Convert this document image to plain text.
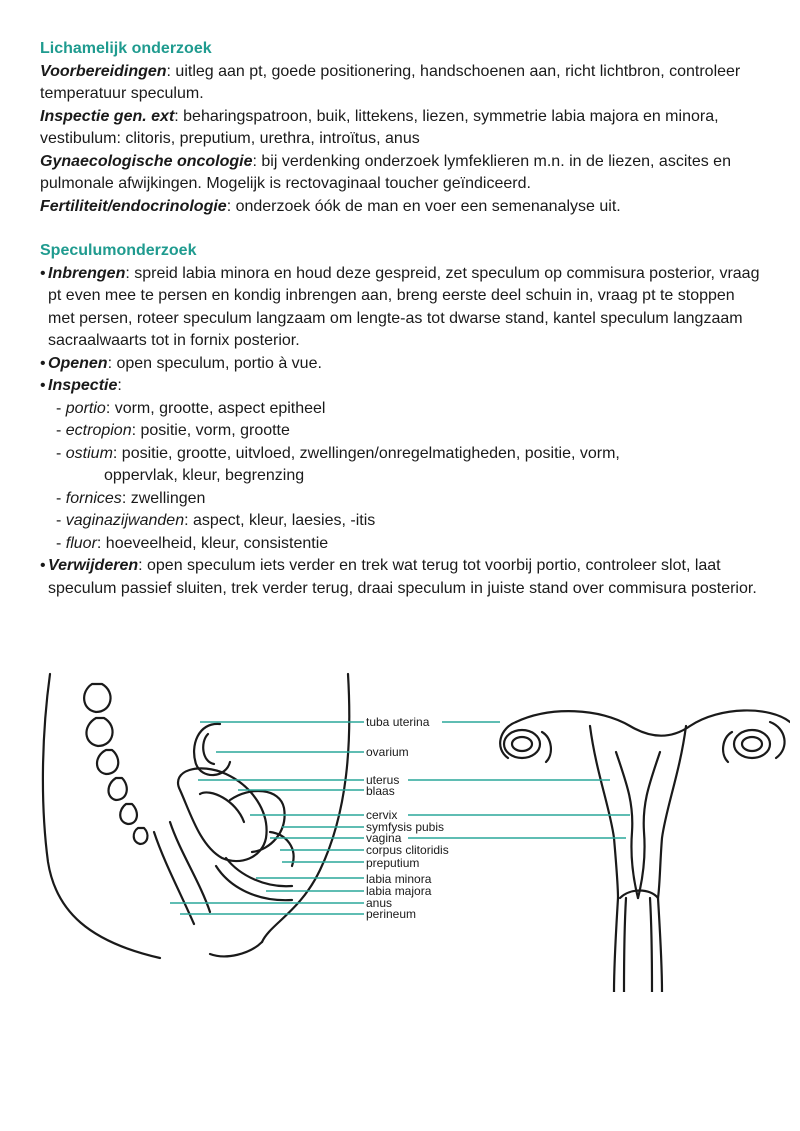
Lichamelijk onderzoek

Voorbereidingen: uitleg aan pt, goede positionering, handschoenen aan, richt lichtbron, controleer temperatuur speculum.

Inspectie gen. ext: beharingspatroon, buik, littekens, liezen, symmetrie labia majora en minora, vestibulum: clitoris, preputium, urethra, introïtus, anus

Gynaecologische oncologie: bij verdenking onderzoek lymfeklieren m.n. in de liezen, ascites en pulmonale afwijkingen. Mogelijk is rectovaginaal toucher geïndiceerd.

Fertiliteit/endocrinologie: onderzoek óók de man en voer een semenanalyse uit.

Speculumonderzoek

• Inbrengen: spreid labia minora en houd deze gespreid, zet speculum op commisura posterior, vraag pt even mee te persen en kondig inbrengen aan, breng eerste deel schuin in, vraag pt te stoppen met persen, roteer speculum langzaam om lengte-as tot dwarse stand, kantel speculum langzaam sacraalwaarts tot in fornix posterior.

• Openen: open speculum, portio à vue.

• Inspectie:

- portio: vorm, grootte, aspect epitheel

- ectropion: positie, vorm, grootte

- ostium: positie, grootte, uitvloed, zwellingen/onregelmatigheden, positie, vorm,
oppervlak, kleur, begrenzing

- fornices: zwellingen

- vaginazijwanden: aspect, kleur, laesies, -itis

- fluor: hoeveelheid, kleur, consistentie

• Verwijderen: open speculum iets verder en trek wat terug tot voorbij portio, controleer slot, laat speculum passief sluiten, trek verder terug, draai speculum in juiste stand over commisura posterior.

tuba uterina
ovarium
uterus
blaas
cervix
symfysis pubis
vagina
corpus clitoridis
preputium
labia minora
labia majora
anus
perineum
